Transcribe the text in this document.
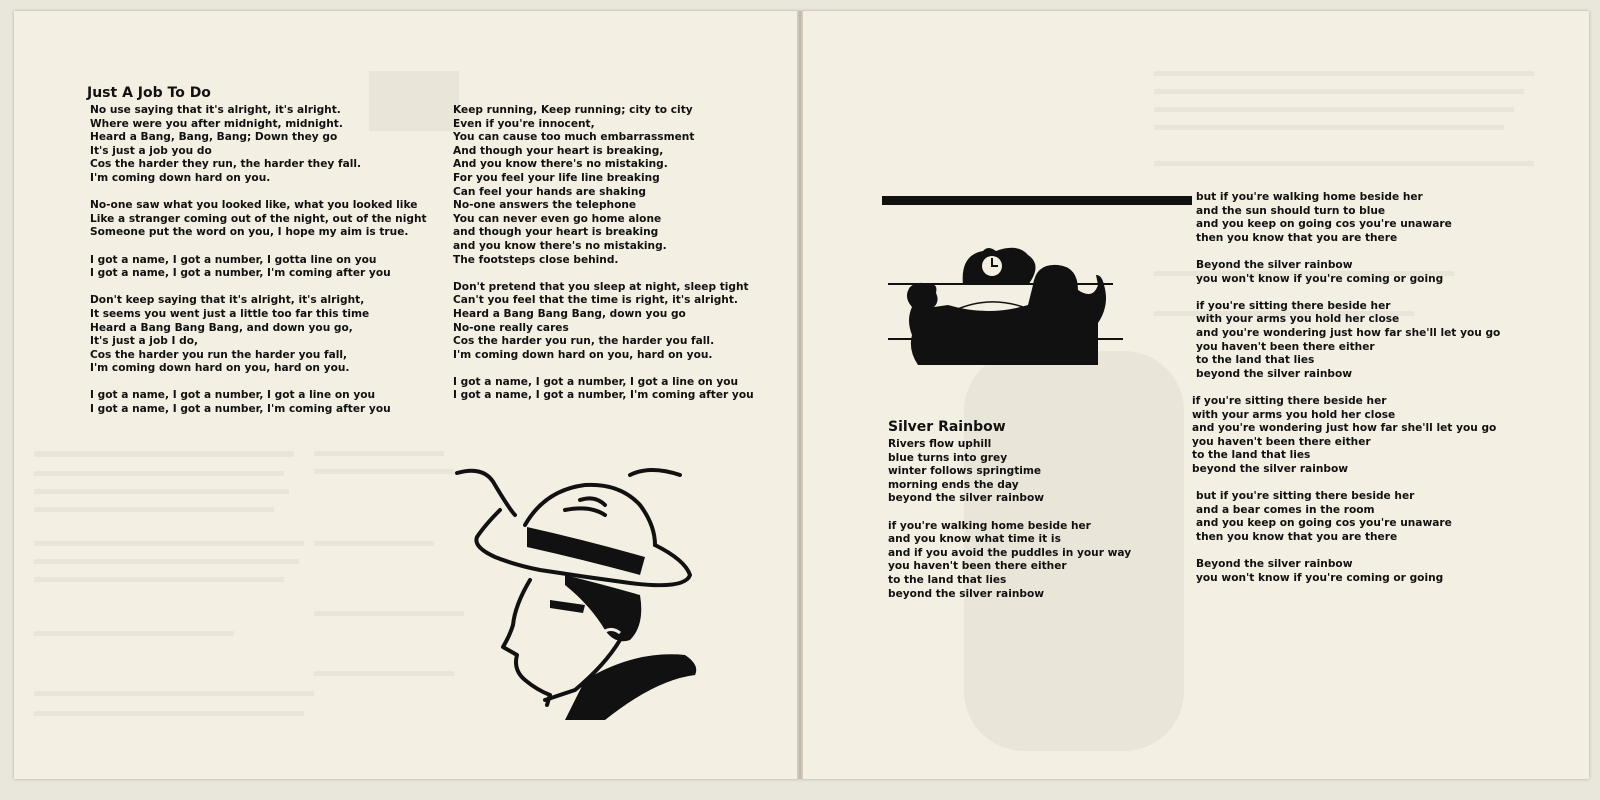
Just A Job To Do
No use saying that it's alright, it's alright.
Where were you after midnight, midnight.
Heard a Bang, Bang, Bang; Down they go
It's just a job you do
Cos the harder they run, the harder they fall.
I'm coming down hard on you.
No-one saw what you looked like, what you looked like
Like a stranger coming out of the night, out of the night
Someone put the word on you, I hope my aim is true.
I got a name, I got a number, I gotta line on you
I got a name, I got a number, I'm coming after you
Don't keep saying that it's alright, it's alright,
It seems you went just a little too far this time
Heard a Bang Bang Bang, and down you go,
It's just a job I do,
Cos the harder you run the harder you fall,
I'm coming down hard on you, hard on you.
I got a name, I got a number, I got a line on you
I got a name, I got a number, I'm coming after you
Keep running, Keep running; city to city
Even if you're innocent,
You can cause too much embarrassment
And though your heart is breaking,
And you know there's no mistaking.
For you feel your life line breaking
Can feel your hands are shaking
No-one answers the telephone
You can never even go home alone
and though your heart is breaking
and you know there's no mistaking.
The footsteps close behind.
Don't pretend that you sleep at night, sleep tight
Can't you feel that the time is right, it's alright.
Heard a Bang Bang Bang, down you go
No-one really cares
Cos the harder you run, the harder you fall.
I'm coming down hard on you, hard on you.
I got a name, I got a number, I got a line on you
I got a name, I got a number, I'm coming after you
Silver Rainbow
Rivers flow uphill
blue turns into grey
winter follows springtime
morning ends the day
beyond the silver rainbow
if you're walking home beside her
and you know what time it is
and if you avoid the puddles in your way
you haven't been there either
to the land that lies
beyond the silver rainbow
but if you're walking home beside her
and the sun should turn to blue
and you keep on going cos you're unaware
then you know that you are there
Beyond the silver rainbow
you won't know if you're coming or going
if you're sitting there beside her
with your arms you hold her close
and you're wondering just how far she'll let you go
you haven't been there either
to the land that lies
beyond the silver rainbow
if you're sitting there beside her
with your arms you hold her close
and you're wondering just how far she'll let you go
you haven't been there either
to the land that lies
beyond the silver rainbow
but if you're sitting there beside her
and a bear comes in the room
and you keep on going cos you're unaware
then you know that you are there
Beyond the silver rainbow
you won't know if you're coming or going
